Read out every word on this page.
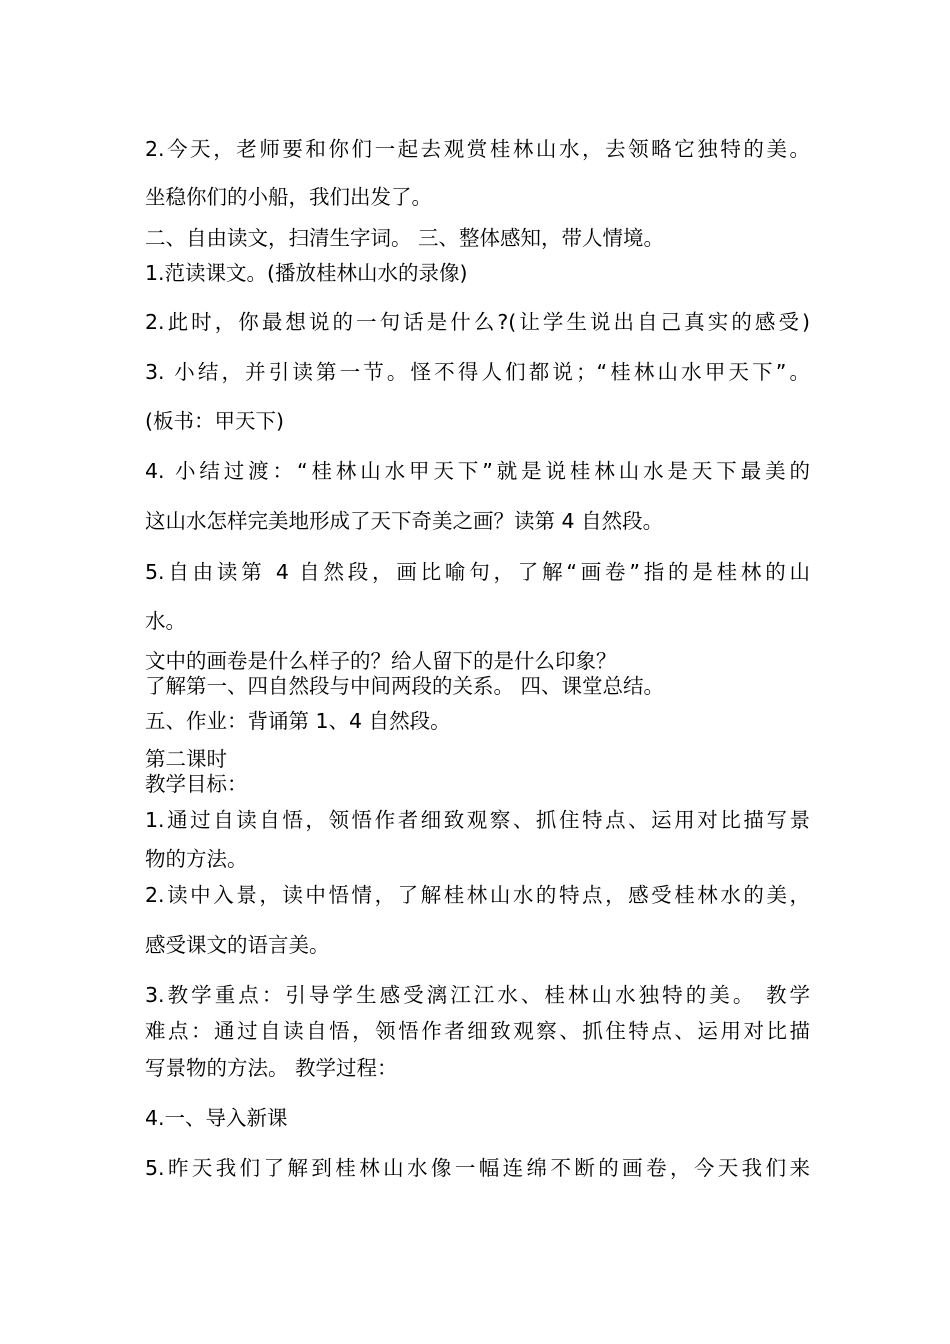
2.今天，老师要和你们一起去观赏桂林山水，去领略它独特的美。
坐稳你们的小船，我们出发了。
二、自由读文，扫清生字词。 三、整体感知，带人情境。
1.范读课文。(播放桂林山水的录像)
2.此时，你最想说的一句话是什么?(让学生说出自己真实的感受)
3. 小结，并引读第一节。怪不得人们都说；“桂林山水甲天下”。
(板书：甲天下)
4. 小结过渡：“桂林山水甲天下”就是说桂林山水是天下最美的
这山水怎样完美地形成了天下奇美之画？读第 4 自然段。
5.自由读第 4 自然段，画比喻句，了解“画卷”指的是桂林的山
水。
文中的画卷是什么样子的？给人留下的是什么印象？
了解第一、四自然段与中间两段的关系。 四、课堂总结。
五、作业：背诵第 1、4 自然段。
第二课时
教学目标：
1.通过自读自悟，领悟作者细致观察、抓住特点、运用对比描写景
物的方法。
2.读中入景，读中悟情，了解桂林山水的特点，感受桂林水的美，
感受课文的语言美。
3.教学重点：引导学生感受漓江江水、桂林山水独特的美。 教学
难点：通过自读自悟，领悟作者细致观察、抓住特点、运用对比描
写景物的方法。 教学过程：
4.一、导入新课
5.昨天我们了解到桂林山水像一幅连绵不断的画卷，今天我们来
